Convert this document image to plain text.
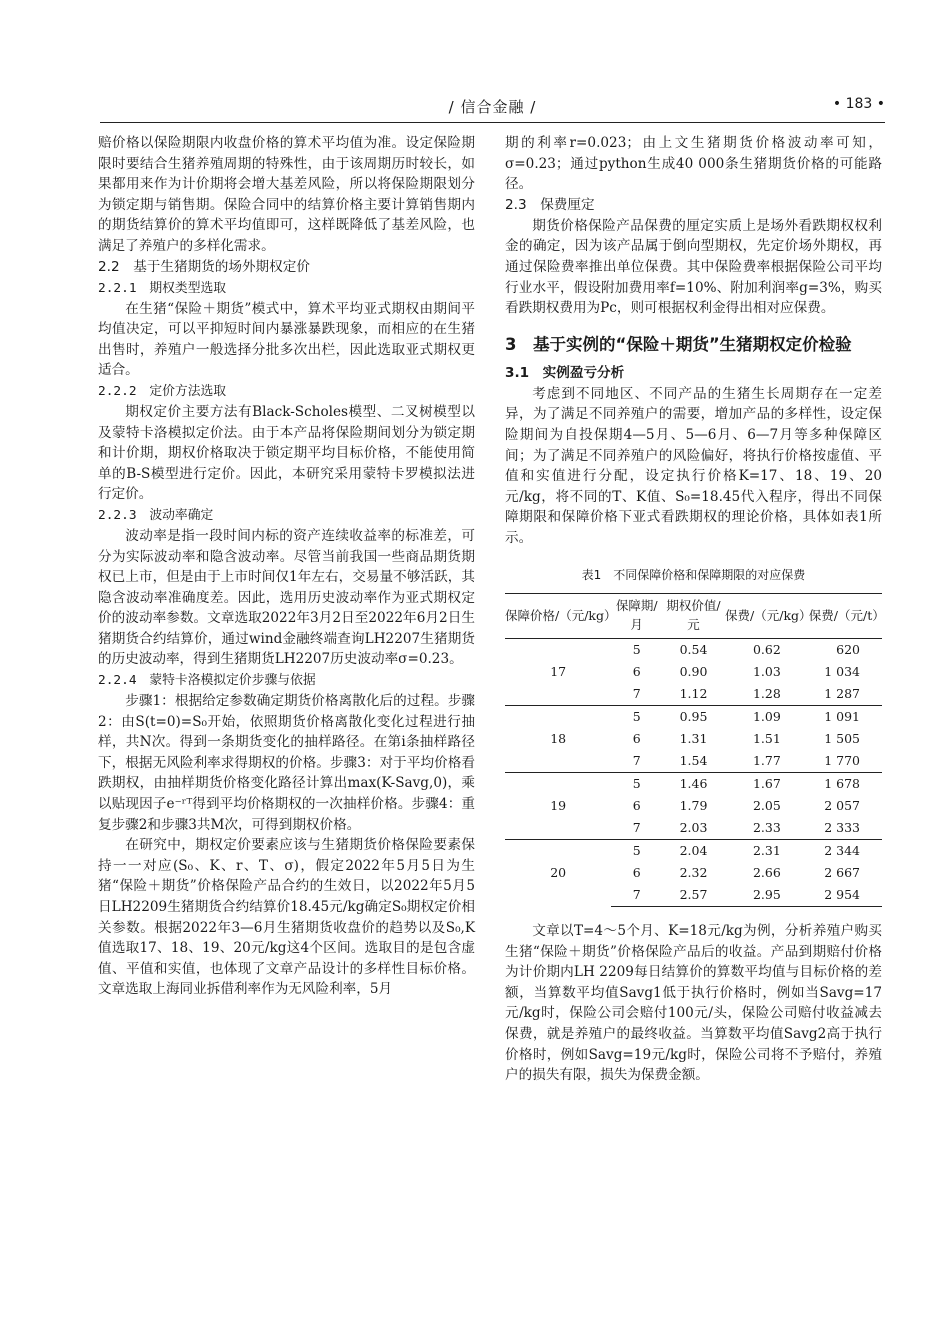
/ 信合金融 /	• 183 •

赔价格以保险期限内收盘价格的算术平均值为准。设定保险期限时要结合生猪养殖周期的特殊性，由于该周期历时较长，如果都用来作为计价期将会增大基差风险，所以将保险期限划分为锁定期与销售期。保险合同中的结算价格主要计算销售期内的期货结算价的算术平均值即可，这样既降低了基差风险，也满足了养殖户的多样化需求。

2.2　基于生猪期货的场外期权定价
2.2.1　期权类型选取

在生猪“保险＋期货”模式中，算术平均亚式期权由期间平均值决定，可以平抑短时间内暴涨暴跌现象，而相应的在生猪出售时，养殖户一般选择分批多次出栏，因此选取亚式期权更适合。

2.2.2　定价方法选取

期权定价主要方法有Black-Scholes模型、二叉树模型以及蒙特卡洛模拟定价法。由于本产品将保险期间划分为锁定期和计价期，期权价格取决于锁定期平均目标价格，不能使用简单的B-S模型进行定价。因此，本研究采用蒙特卡罗模拟法进行定价。

2.2.3　波动率确定

波动率是指一段时间内标的资产连续收益率的标准差，可分为实际波动率和隐含波动率。尽管当前我国一些商品期货期权已上市，但是由于上市时间仅1年左右，交易量不够活跃，其隐含波动率准确度差。因此，选用历史波动率作为亚式期权定价的波动率参数。文章选取2022年3月2日至2022年6月2日生猪期货合约结算价，通过wind金融终端查询LH2207生猪期货的历史波动率，得到生猪期货LH2207历史波动率σ=0.23。

2.2.4　蒙特卡洛模拟定价步骤与依据

步骤1：根据给定参数确定期货价格离散化后的过程。步骤2：由S(t=0)=S₀开始，依照期货价格离散化变化过程进行抽样，共N次。得到一条期货变化的抽样路径。在第i条抽样路径下，根据无风险利率求得期权的价格。步骤3：对于平均价格看跌期权，由抽样期货价格变化路径计算出max(K-Savg,0)，乘以贴现因子e⁻ʳᵀ得到平均价格期权的一次抽样价格。步骤4：重复步骤2和步骤3共M次，可得到期权价格。

在研究中，期权定价要素应该与生猪期货价格保险要素保持一一对应(S₀、K、r、T、σ)，假定2022年5月5日为生猪“保险＋期货”价格保险产品合约的生效日，以2022年5月5日LH2209生猪期货合约结算价18.45元/kg确定S₀期权定价相关参数。根据2022年3—6月生猪期货收盘价的趋势以及S₀,K值选取17、18、19、20元/kg这4个区间。选取目的是包含虚值、平值和实值，也体现了文章产品设计的多样性目标价格。文章选取上海同业拆借利率作为无风险利率，5月

期的利率r=0.023；由上文生猪期货价格波动率可知，σ=0.23；通过python生成40 000条生猪期货价格的可能路径。

2.3　保费厘定

期货价格保险产品保费的厘定实质上是场外看跌期权权利金的确定，因为该产品属于倒向型期权，先定价场外期权，再通过保险费率推出单位保费。其中保险费率根据保险公司平均行业水平，假设附加费用率f=10%、附加利润率g=3%，购买看跌期权费用为Pc，则可根据权利金得出相对应保费。

3　基于实例的“保险＋期货”生猪期权定价检验
3.1　实例盈亏分析

考虑到不同地区、不同产品的生猪生长周期存在一定差异，为了满足不同养殖户的需要，增加产品的多样性，设定保险期间为自投保期4—5月、5—6月、6—7月等多种保障区间；为了满足不同养殖户的风险偏好，将执行价格按虚值、平值和实值进行分配，设定执行价格K=17、18、19、20元/kg，将不同的T、K值、S₀=18.45代入程序，得出不同保障期限和保障价格下亚式看跌期权的理论价格，具体如表1所示。

表1　不同保障价格和保障期限的对应保费
保障价格/（元/kg）	保障期/月	期权价值/元	保费/（元/kg）	保费/（元/t）
17	5	0.54	0.62	620
	6	0.90	1.03	1 034
	7	1.12	1.28	1 287
18	5	0.95	1.09	1 091
	6	1.31	1.51	1 505
	7	1.54	1.77	1 770
19	5	1.46	1.67	1 678
	6	1.79	2.05	2 057
	7	2.03	2.33	2 333
20	5	2.04	2.31	2 344
	6	2.32	2.66	2 667
	7	2.57	2.95	2 954

文章以T=4～5个月、K=18元/kg为例，分析养殖户购买生猪“保险＋期货”价格保险产品后的收益。产品到期赔付价格为计价期内LH 2209每日结算价的算数平均值与目标价格的差额，当算数平均值Savg1低于执行价格时，例如当Savg=17元/kg时，保险公司会赔付100元/头，保险公司赔付收益减去保费，就是养殖户的最终收益。当算数平均值Savg2高于执行价格时，例如Savg=19元/kg时，保险公司将不予赔付，养殖户的损失有限，损失为保费金额。
